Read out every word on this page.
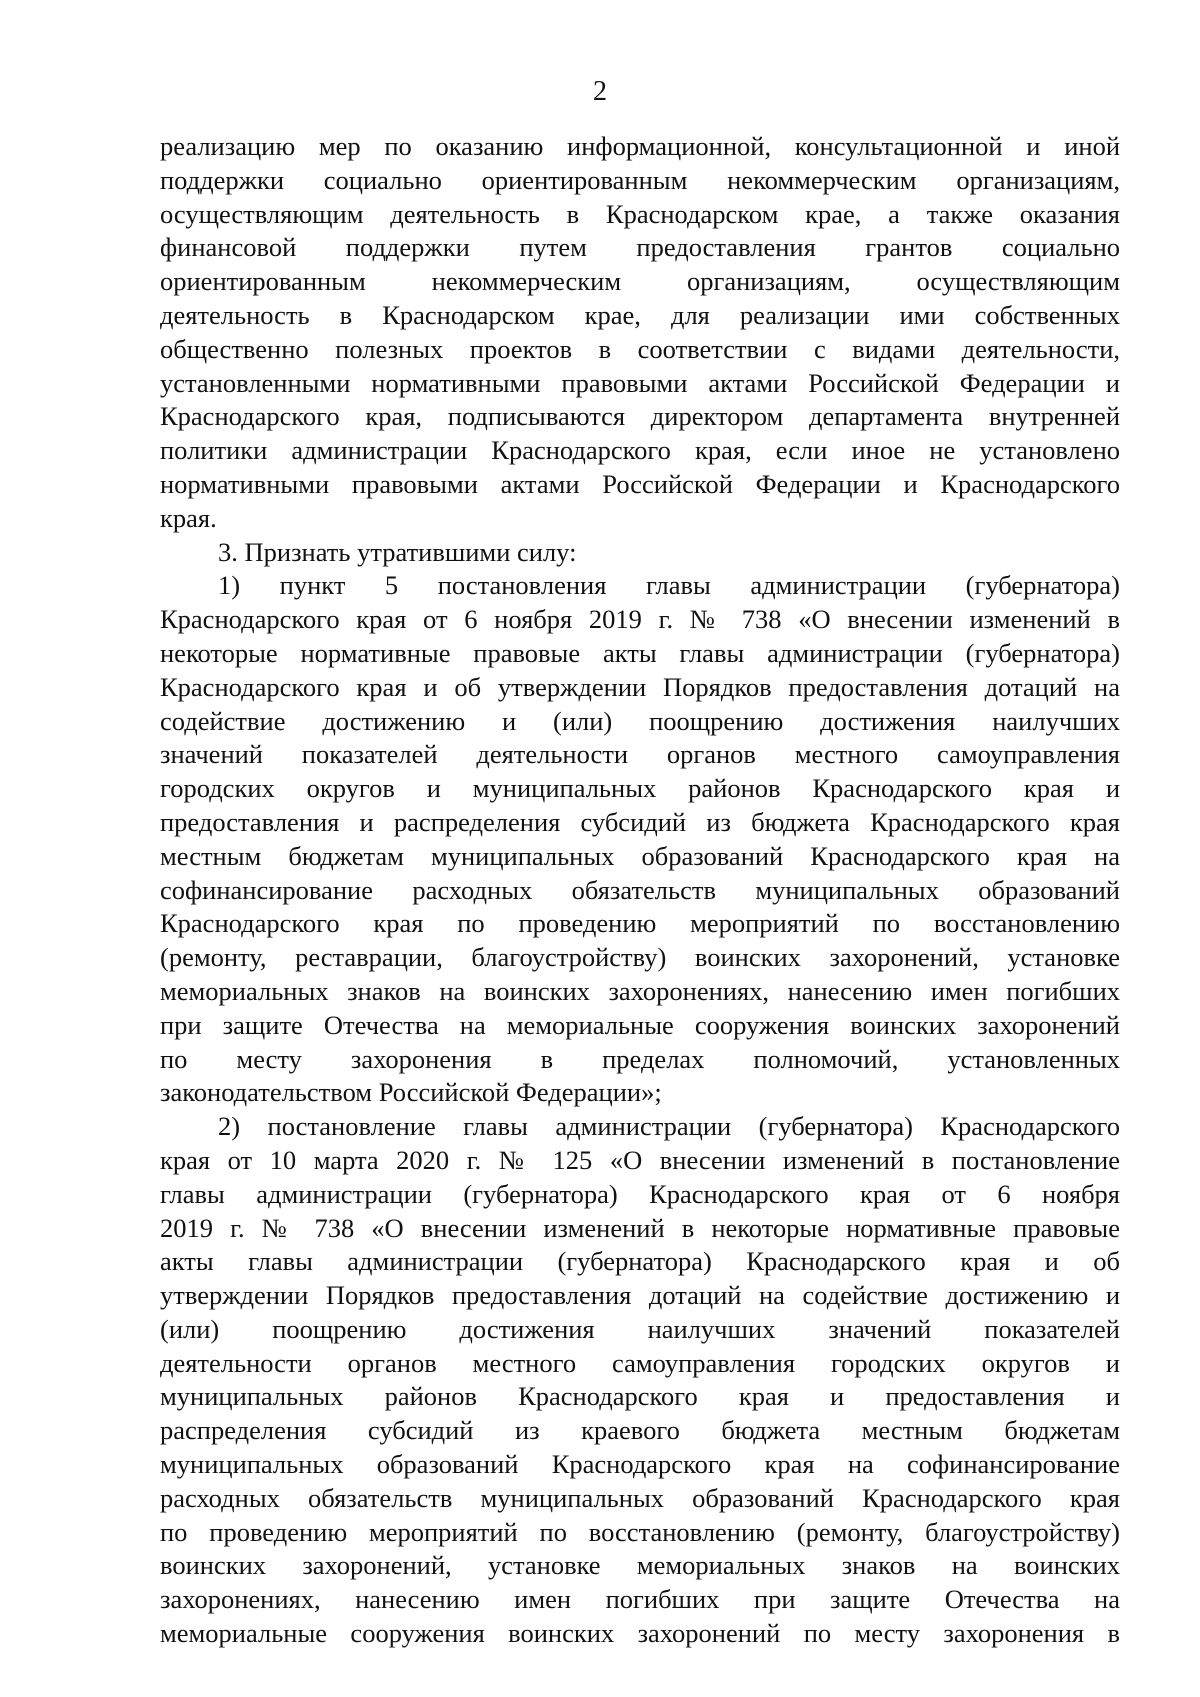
2
реализацию мер по оказанию информационной, консультационной и иной
поддержки социально ориентированным некоммерческим организациям,
осуществляющим деятельность в Краснодарском крае, а также оказания
финансовой поддержки путем предоставления грантов социально
ориентированным некоммерческим организациям, осуществляющим
деятельность в Краснодарском крае, для реализации ими собственных
общественно полезных проектов в соответствии с видами деятельности,
установленными нормативными правовыми актами Российской Федерации и
Краснодарского края, подписываются директором департамента внутренней
политики администрации Краснодарского края, если иное не установлено
нормативными правовыми актами Российской Федерации и Краснодарского
края.
3. Признать утратившими силу:
1) пункт 5 постановления главы администрации (губернатора)
Краснодарского края от 6 ноября 2019 г. № 738 «О внесении изменений в
некоторые нормативные правовые акты главы администрации (губернатора)
Краснодарского края и об утверждении Порядков предоставления дотаций на
содействие достижению и (или) поощрению достижения наилучших
значений показателей деятельности органов местного самоуправления
городских округов и муниципальных районов Краснодарского края и
предоставления и распределения субсидий из бюджета Краснодарского края
местным бюджетам муниципальных образований Краснодарского края на
софинансирование расходных обязательств муниципальных образований
Краснодарского края по проведению мероприятий по восстановлению
(ремонту, реставрации, благоустройству) воинских захоронений, установке
мемориальных знаков на воинских захоронениях, нанесению имен погибших
при защите Отечества на мемориальные сооружения воинских захоронений
по месту захоронения в пределах полномочий, установленных
законодательством Российской Федерации»;
2) постановление главы администрации (губернатора) Краснодарского
края от 10 марта 2020 г. № 125 «О внесении изменений в постановление
главы администрации (губернатора) Краснодарского края от 6 ноября
2019 г. № 738 «О внесении изменений в некоторые нормативные правовые
акты главы администрации (губернатора) Краснодарского края и об
утверждении Порядков предоставления дотаций на содействие достижению и
(или) поощрению достижения наилучших значений показателей
деятельности органов местного самоуправления городских округов и
муниципальных районов Краснодарского края и предоставления и
распределения субсидий из краевого бюджета местным бюджетам
муниципальных образований Краснодарского края на софинансирование
расходных обязательств муниципальных образований Краснодарского края
по проведению мероприятий по восстановлению (ремонту, благоустройству)
воинских захоронений, установке мемориальных знаков на воинских
захоронениях, нанесению имен погибших при защите Отечества на
мемориальные сооружения воинских захоронений по месту захоронения в
